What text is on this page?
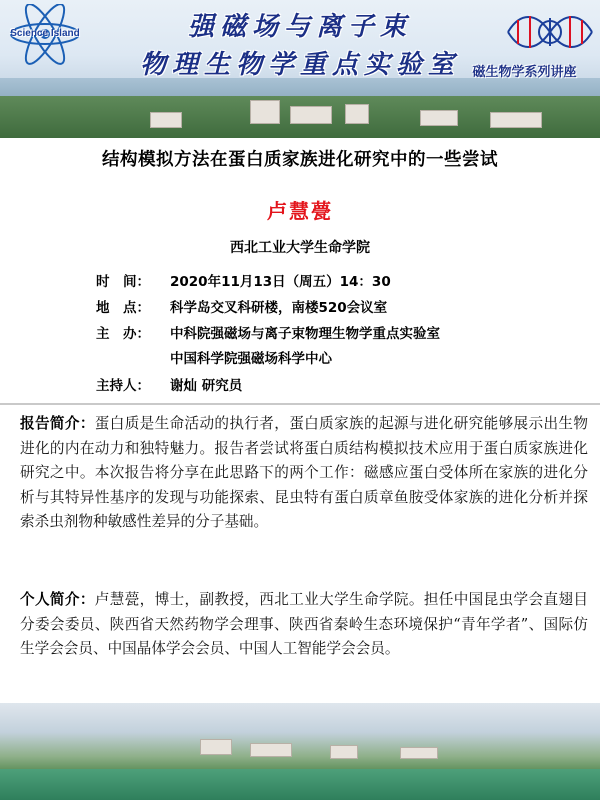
Science Island	强磁场与离子束
物理生物学重点实验室 磁生物学系列讲座
结构模拟方法在蛋白质家族进化研究中的一些尝试
卢慧甍
西北工业大学生命学院
时　间： 2020年11月13日（周五）14：30
地　点： 科学岛交叉科研楼，南楼520会议室
主　办： 中科院强磁场与离子束物理生物学重点实验室
中国科学院强磁场科学中心
主持人： 谢灿 研究员
报告简介：蛋白质是生命活动的执行者，蛋白质家族的起源与进化研究能够展示出生物进化的内在动力和独特魅力。报告者尝试将蛋白质结构模拟技术应用于蛋白质家族进化研究之中。本次报告将分享在此思路下的两个工作：磁感应蛋白受体所在家族的进化分析与其特异性基序的发现与功能探索、昆虫特有蛋白质章鱼胺受体家族的进化分析并探索杀虫剂物种敏感性差异的分子基础。
个人简介：卢慧甍，博士，副教授，西北工业大学生命学院。担任中国昆虫学会直翅目分委会委员、陕西省天然药物学会理事、陕西省秦岭生态环境保护“青年学者”、国际仿生学会会员、中国晶体学会会员、中国人工智能学会会员。
